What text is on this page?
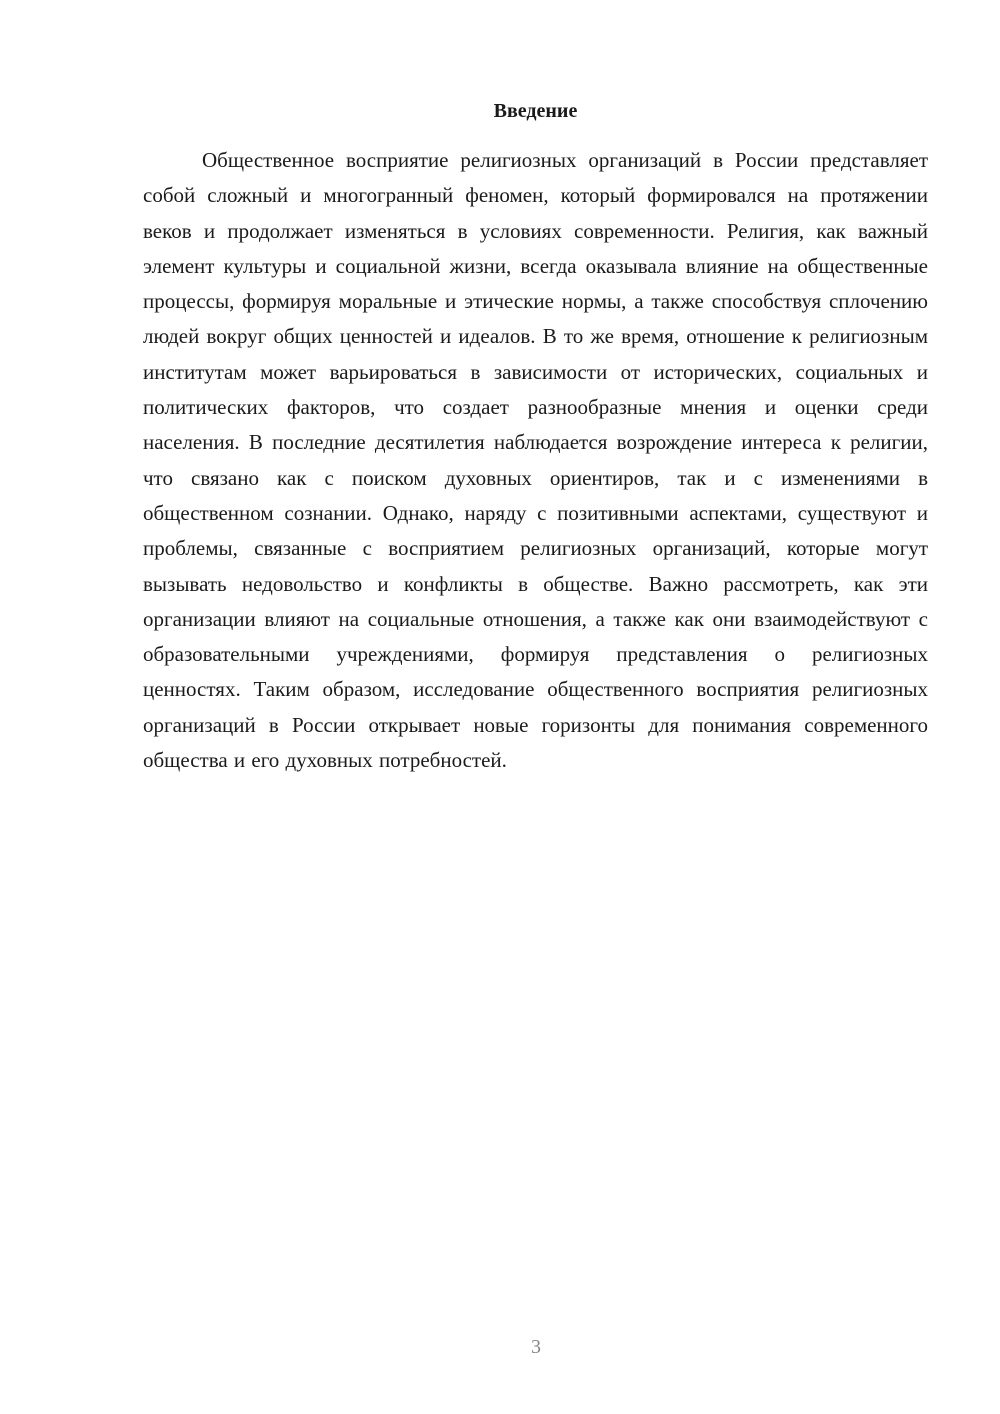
Введение

Общественное восприятие религиозных организаций в России представляет собой сложный и многогранный феномен, который формировался на протяжении веков и продолжает изменяться в условиях современности. Религия, как важный элемент культуры и социальной жизни, всегда оказывала влияние на общественные процессы, формируя моральные и этические нормы, а также способствуя сплочению людей вокруг общих ценностей и идеалов. В то же время, отношение к религиозным институтам может варьироваться в зависимости от исторических, социальных и политических факторов, что создает разнообразные мнения и оценки среди населения. В последние десятилетия наблюдается возрождение интереса к религии, что связано как с поиском духовных ориентиров, так и с изменениями в общественном сознании. Однако, наряду с позитивными аспектами, существуют и проблемы, связанные с восприятием религиозных организаций, которые могут вызывать недовольство и конфликты в обществе. Важно рассмотреть, как эти организации влияют на социальные отношения, а также как они взаимодействуют с образовательными учреждениями, формируя представления о религиозных ценностях. Таким образом, исследование общественного восприятия религиозных организаций в России открывает новые горизонты для понимания современного общества и его духовных потребностей.

3
